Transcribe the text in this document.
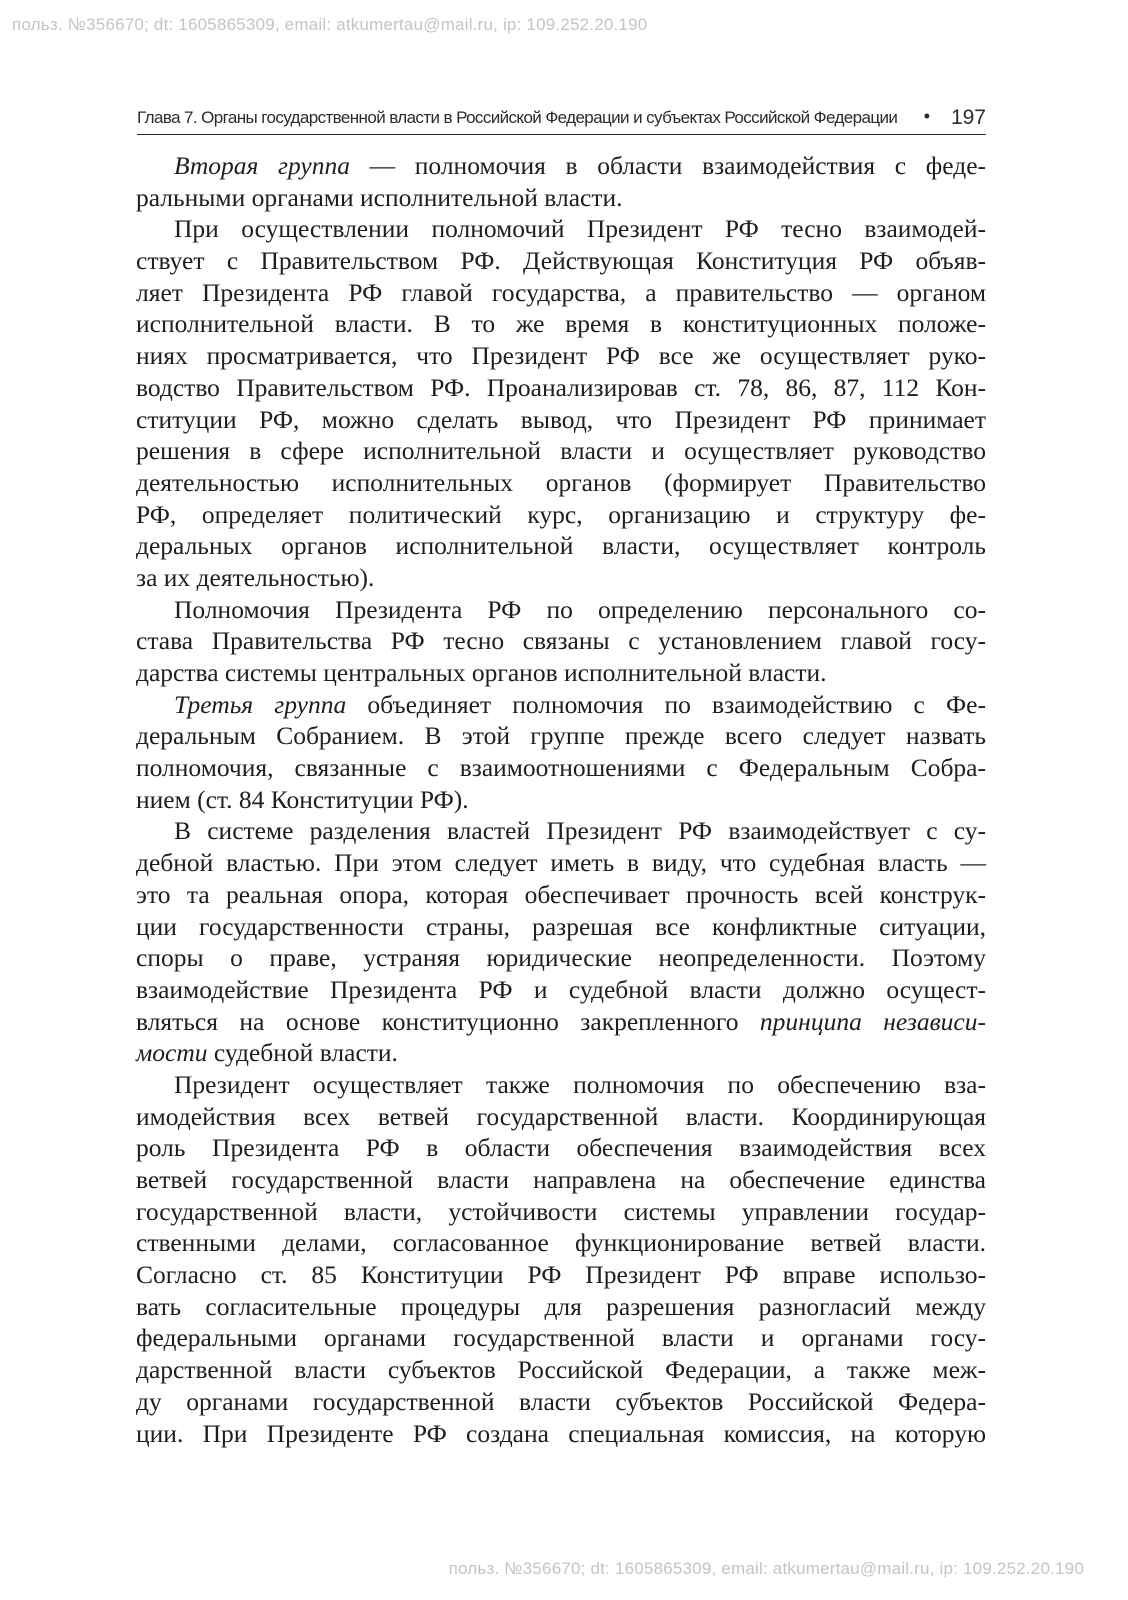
польз. №356670; dt: 1605865309, email: atkumertau@mail.ru, ip: 109.252.20.190
Глава 7. Органы государственной власти в Российской Федерации и субъектах Российской Федерации • 197
Вторая группа — полномочия в области взаимодействия с феде-
ральными органами исполнительной власти.
При осуществлении полномочий Президент РФ тесно взаимодей-
ствует с Правительством РФ. Действующая Конституция РФ объяв-
ляет Президента РФ главой государства, а правительство — органом
исполнительной власти. В то же время в конституционных положе-
ниях просматривается, что Президент РФ все же осуществляет руко-
водство Правительством РФ. Проанализировав ст. 78, 86, 87, 112 Кон-
ституции РФ, можно сделать вывод, что Президент РФ принимает
решения в сфере исполнительной власти и осуществляет руководство
деятельностью исполнительных органов (формирует Правительство
РФ, определяет политический курс, организацию и структуру фе-
деральных органов исполнительной власти, осуществляет контроль
за их деятельностью).
Полномочия Президента РФ по определению персонального со-
става Правительства РФ тесно связаны с установлением главой госу-
дарства системы центральных органов исполнительной власти.
Третья группа объединяет полномочия по взаимодействию с Фе-
деральным Собранием. В этой группе прежде всего следует назвать
полномочия, связанные с взаимоотношениями с Федеральным Собра-
нием (ст. 84 Конституции РФ).
В системе разделения властей Президент РФ взаимодействует с су-
дебной властью. При этом следует иметь в виду, что судебная власть —
это та реальная опора, которая обеспечивает прочность всей конструк-
ции государственности страны, разрешая все конфликтные ситуации,
споры о праве, устраняя юридические неопределенности. Поэтому
взаимодействие Президента РФ и судебной власти должно осущест-
вляться на основе конституционно закрепленного принципа независи-
мости судебной власти.
Президент осуществляет также полномочия по обеспечению вза-
имодействия всех ветвей государственной власти. Координирующая
роль Президента РФ в области обеспечения взаимодействия всех
ветвей государственной власти направлена на обеспечение единства
государственной власти, устойчивости системы управлении государ-
ственными делами, согласованное функционирование ветвей власти.
Согласно ст. 85 Конституции РФ Президент РФ вправе использо-
вать согласительные процедуры для разрешения разногласий между
федеральными органами государственной власти и органами госу-
дарственной власти субъектов Российской Федерации, а также меж-
ду органами государственной власти субъектов Российской Федера-
ции. При Президенте РФ создана специальная комиссия, на которую
польз. №356670; dt: 1605865309, email: atkumertau@mail.ru, ip: 109.252.20.190
